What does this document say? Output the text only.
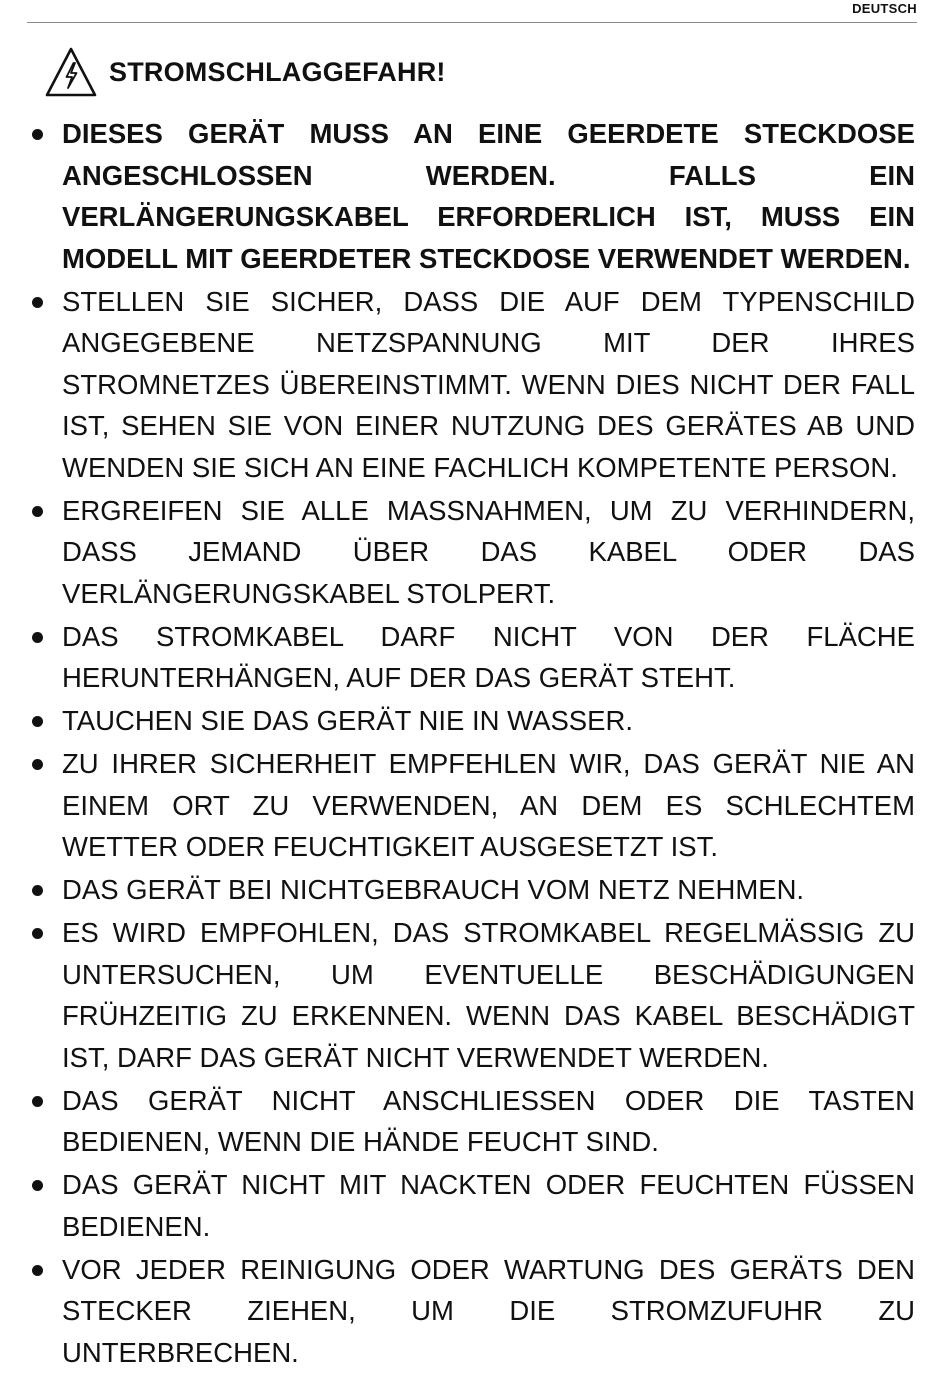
DEUTSCH
STROMSCHLAGGEFAHR!
DIESES GERÄT MUSS AN EINE GEERDETE STECKDOSE ANGESCHLOSSEN WERDEN. FALLS EIN VERLÄNGERUNGSKABEL ERFORDERLICH IST, MUSS EIN MODELL MIT GEERDETER STECKDOSE VERWENDET WERDEN.
STELLEN SIE SICHER, DASS DIE AUF DEM TYPENSCHILD ANGEGEBENE NETZSPANNUNG MIT DER IHRES STROMNETZES ÜBEREINSTIMMT. WENN DIES NICHT DER FALL IST, SEHEN SIE VON EINER NUTZUNG DES GERÄTES AB UND WENDEN SIE SICH AN EINE FACHLICH KOMPETENTE PERSON.
ERGREIFEN SIE ALLE MASSNAHMEN, UM ZU VERHINDERN, DASS JEMAND ÜBER DAS KABEL ODER DAS VERLÄNGERUNGSKABEL STOLPERT.
DAS STROMKABEL DARF NICHT VON DER FLÄCHE HERUNTERHÄNGEN, AUF DER DAS GERÄT STEHT.
TAUCHEN SIE DAS GERÄT NIE IN WASSER.
ZU IHRER SICHERHEIT EMPFEHLEN WIR, DAS GERÄT NIE AN EINEM ORT ZU VERWENDEN, AN DEM ES SCHLECHTEM WETTER ODER FEUCHTIGKEIT AUSGESETZT IST.
DAS GERÄT BEI NICHTGEBRAUCH VOM NETZ NEHMEN.
ES WIRD EMPFOHLEN, DAS STROMKABEL REGELMÄSSIG ZU UNTERSUCHEN, UM EVENTUELLE BESCHÄDIGUNGEN FRÜHZEITIG ZU ERKENNEN. WENN DAS KABEL BESCHÄDIGT IST, DARF DAS GERÄT NICHT VERWENDET WERDEN.
DAS GERÄT NICHT ANSCHLIESSEN ODER DIE TASTEN BEDIENEN, WENN DIE HÄNDE FEUCHT SIND.
DAS GERÄT NICHT MIT NACKTEN ODER FEUCHTEN FÜSSEN BEDIENEN.
VOR JEDER REINIGUNG ODER WARTUNG DES GERÄTS DEN STECKER ZIEHEN, UM DIE STROMZUFUHR ZU UNTERBRECHEN.
